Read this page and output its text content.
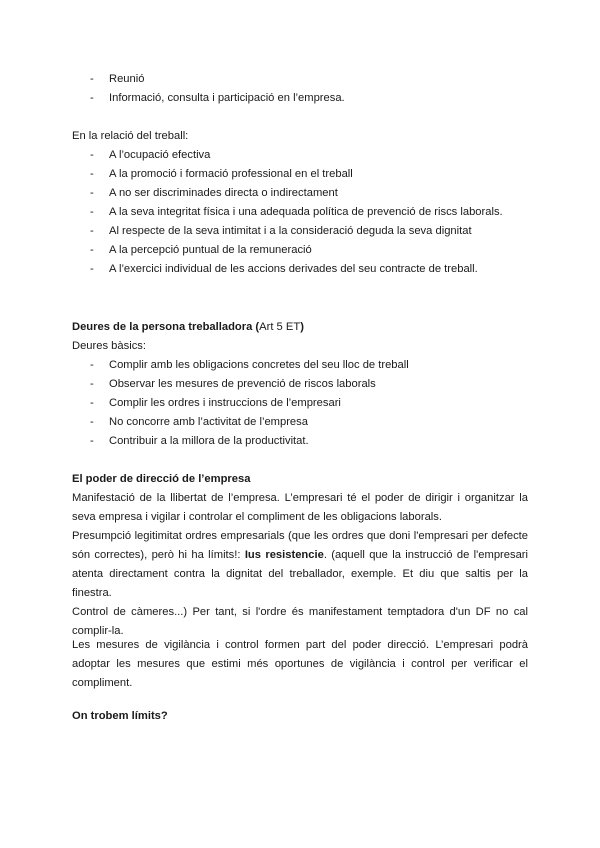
- Reunió
- Informació, consulta i participació en l’empresa.

En la relació del treball:

- A l’ocupació efectiva
- A la promoció i formació professional en el treball
- A no ser discriminades directa o indirectament
- A la seva integritat física i una adequada política de prevenció de riscs laborals.
- Al respecte de la seva intimitat i a la consideració deguda la seva dignitat
- A la percepció puntual de la remuneració
- A l’exercici individual de les accions derivades del seu contracte de treball.

Deures de la persona treballadora (Art 5 ET)

Deures bàsics:

- Complir amb les obligacions concretes del seu lloc de treball
- Observar les mesures de prevenció de riscos laborals
- Complir les ordres i instruccions de l’empresari
- No concorre amb l’activitat de l’empresa
- Contribuir a la millora de la productivitat.

El poder de direcció de l’empresa

Manifestació de la llibertat de l’empresa. L’empresari té el poder de dirigir i organitzar la

seva empresa i vigilar i controlar el compliment de les obligacions laborals.

Presumpció legitimitat ordres empresarials (que les ordres que doni l'empresari per defecte

són correctes), però hi ha límits!: Ius resistencie. (aquell que la instrucció de l'empresari

atenta directament contra la dignitat del treballador, exemple. Et diu que saltis per la finestra.

Control de càmeres...) Per tant, si l'ordre és manifestament temptadora d'un DF no cal

complir-la.

Les mesures de vigilància i control formen part del poder direcció. L’empresari podrà

adoptar les mesures que estimi més oportunes de vigilància i control per verificar el

compliment.

On trobem límits?
